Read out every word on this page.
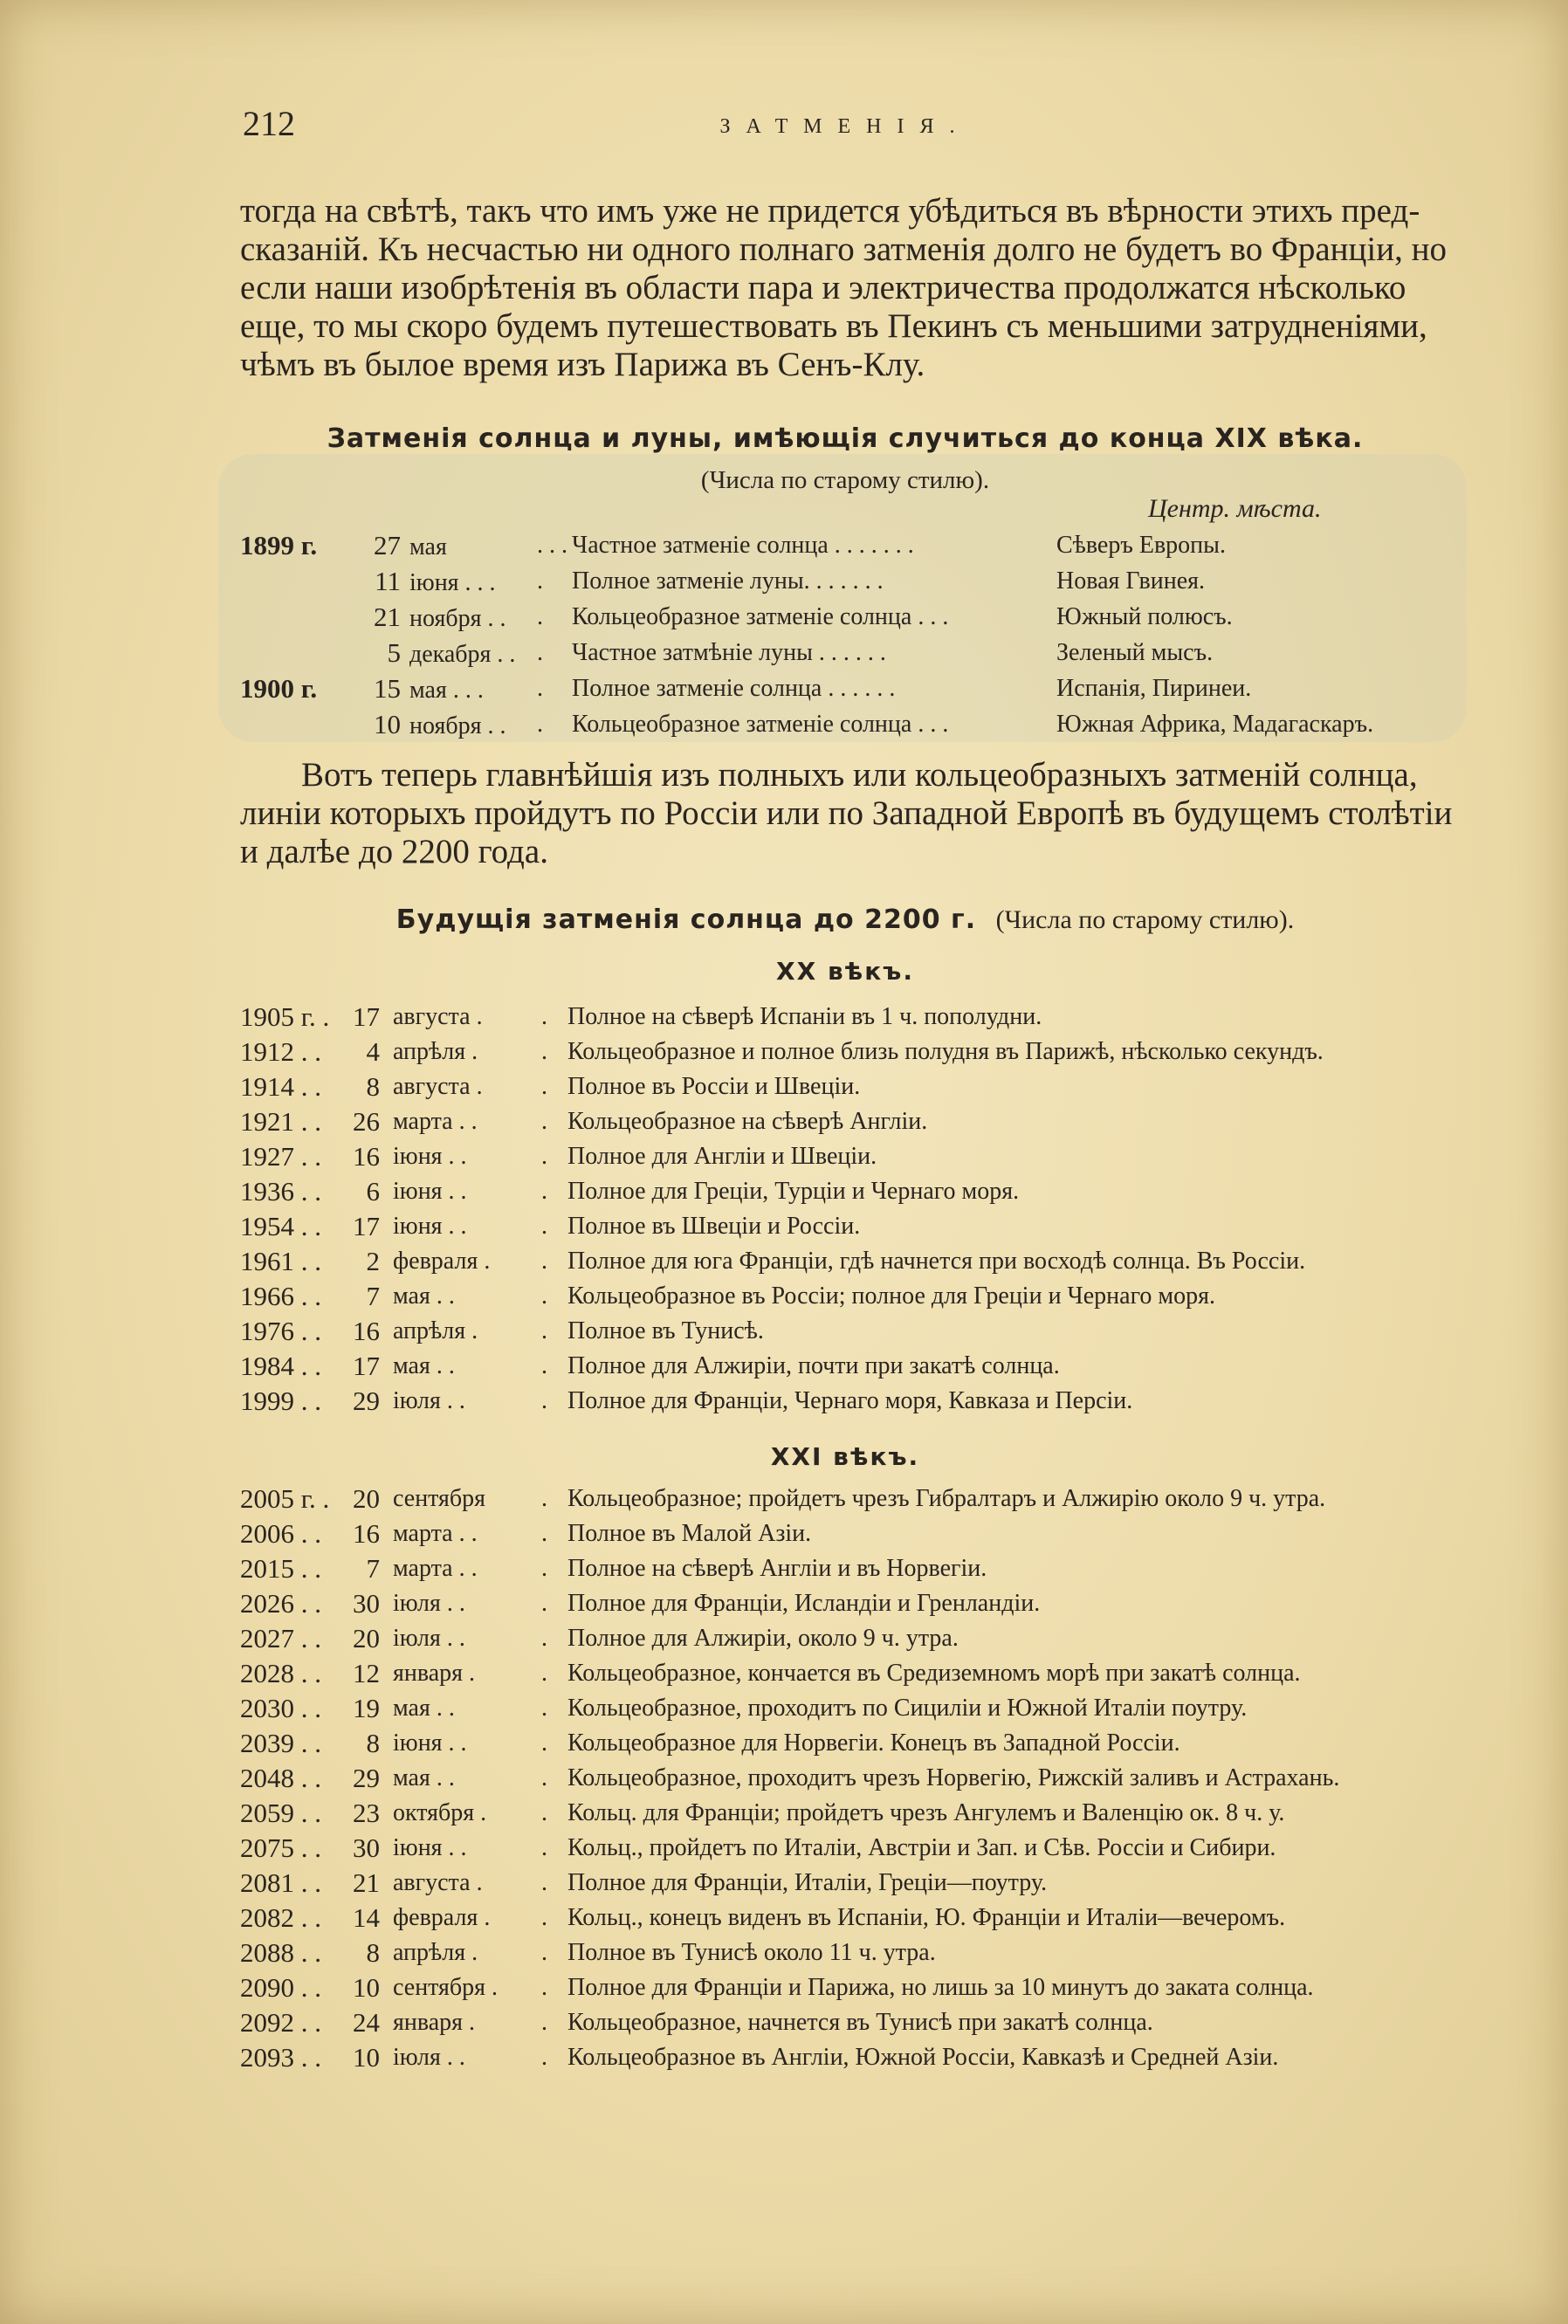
212	ЗАТМЕНІЯ.

тогда на свѣтѣ, такъ что имъ уже не придется убѣдиться въ вѣрности этихъ пред-
сказаній. Къ несчастью ни одного полнаго затменія долго не будетъ во Франціи, но
если наши изобрѣтенія въ области пара и электричества продолжатся нѣсколько
еще, то мы скоро будемъ путешествовать въ Пекинъ съ меньшими затрудненіями,
чѣмъ въ былое время изъ Парижа въ Сенъ-Клу.

Затменія солнца и луны, имѣющія случиться до конца XIX вѣка.
(Числа по старому стилю).
Центр. мѣста.
1899 г.	27 мая	. . . Частное затменіе солнца . . . . . . .	Сѣверъ Европы.
11 іюня . . .	.	Полное затменіе луны. . . . . . .	Новая Гвинея.
21 ноября . .	.	Кольцеобразное затменіе солнца . . .	Южный полюсъ.
5 декабря . . .	Частное затмѣніе луны . . . . . .	Зеленый мысъ.
1900 г.	15 мая . . .	.	Полное затменіе солнца . . . . . .	Испанія, Пиринеи.
10 ноября . .	.	Кольцеобразное затменіе солнца . . .	Южная Африка, Мадагаскаръ.

Вотъ теперь главнѣйшія изъ полныхъ или кольцеобразныхъ затменій солнца,
линіи которыхъ пройдутъ по Россіи или по Западной Европѣ въ будущемъ столѣтіи
и далѣе до 2200 года.

Будущія затменія солнца до 2200 г. (Числа по старому стилю).
XX вѣкъ.
1905 г. . 17 августа .	. Полное на сѣверѣ Испаніи въ 1 ч. пополудни.
1912 . .	4 апрѣля .	. Кольцеобразное и полное близь полудня въ Парижѣ, нѣсколько секундъ.
1914 . .	8 августа .	. Полное въ Россіи и Швеціи.
1921 . .	26 марта . .	. Кольцеобразное на сѣверѣ Англіи.
1927 . .	16 іюня . .	. Полное для Англіи и Швеціи.
1936 . .	6 іюня . .	. Полное для Греціи, Турціи и Чернаго моря.
1954 . .	17 іюня . .	. Полное въ Швеціи и Россіи.
1961 . .	2 февраля .	. Полное для юга Франціи, гдѣ начнется при восходѣ солнца. Въ Россіи.
1966 . .	7 мая . .	. Кольцеобразное въ Россіи; полное для Греціи и Чернаго моря.
1976 . .	16 апрѣля .	. Полное въ Тунисѣ.
1984 . .	17 мая . .	. Полное для Алжиріи, почти при закатѣ солнца.
1999 . .	29 іюля . .	. Полное для Франціи, Чернаго моря, Кавказа и Персіи.
XXI вѣкъ.
2005 г. . 20 сентября	. Кольцеобразное; пройдетъ чрезъ Гибралтаръ и Алжирію около 9 ч. утра.
2006 . .	16 марта . .	. Полное въ Малой Азіи.
2015 . .	7 марта . .	. Полное на сѣверѣ Англіи и въ Норвегіи.
2026 . .	30 іюля . .	. Полное для Франціи, Исландіи и Гренландіи.
2027 . .	20 іюля . .	. Полное для Алжиріи, около 9 ч. утра.
2028 . .	12 января .	. Кольцеобразное, кончается въ Средиземномъ морѣ при закатѣ солнца.
2030 . .	19 мая . .	. Кольцеобразное, проходитъ по Сициліи и Южной Италіи поутру.
2039 . .	8 іюня . .	. Кольцеобразное для Норвегіи. Конецъ въ Западной Россіи.
2048 . .	29 мая . .	. Кольцеобразное, проходитъ чрезъ Норвегію, Рижскій заливъ и Астрахань.
2059 . .	23 октября .	. Кольц. для Франціи; пройдетъ чрезъ Ангулемъ и Валенцію ок. 8 ч. у.
2075 . .	30 іюня . .	. Кольц., пройдетъ по Италіи, Австріи и Зап. и Сѣв. Россіи и Сибири.
2081 . .	21 августа .	. Полное для Франціи, Италіи, Греціи—поутру.
2082 . .	14 февраля .	. Кольц., конецъ виденъ въ Испаніи, Ю. Франціи и Италіи—вечеромъ.
2088 . .	8 апрѣля .	. Полное въ Тунисѣ около 11 ч. утра.
2090 . .	10 сентября .	. Полное для Франціи и Парижа, но лишь за 10 минутъ до заката солнца.
2092 . .	24 января .	. Кольцеобразное, начнется въ Тунисѣ при закатѣ солнца.
2093 . .	10 іюля . .	. Кольцеобразное въ Англіи, Южной Россіи, Кавказѣ и Средней Азіи.
